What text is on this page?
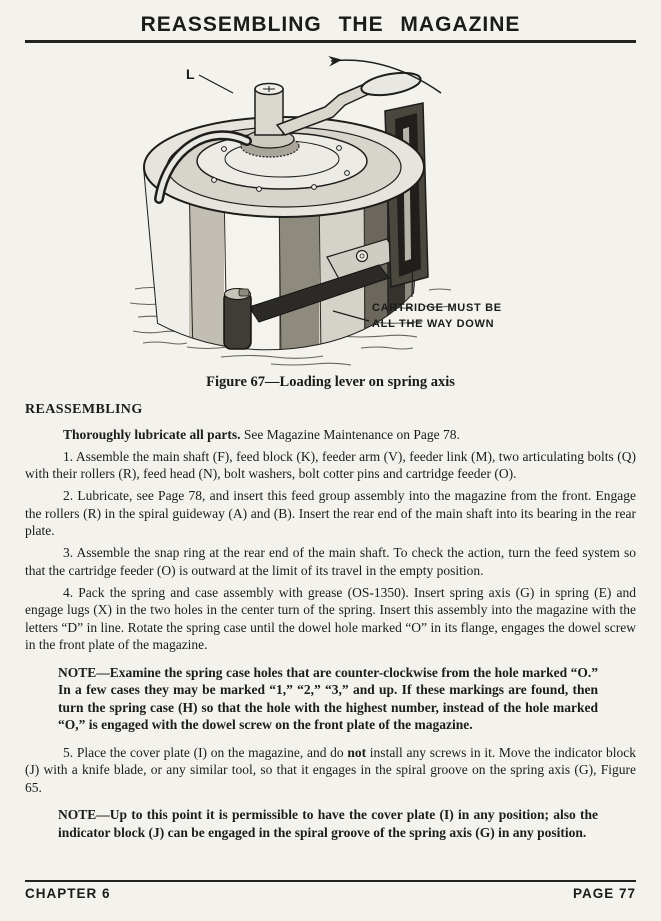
REASSEMBLING THE MAGAZINE
L
CARTRIDGE MUST BE
ALL THE WAY DOWN
Figure 67—Loading lever on spring axis
REASSEMBLING

Thoroughly lubricate all parts. See Magazine Maintenance on Page 78.

1. Assemble the main shaft (F), feed block (K), feeder arm (V), feeder link (M), two articulating bolts (Q) with their rollers (R), feed head (N), bolt washers, bolt cotter pins and cartridge feeder (O).

2. Lubricate, see Page 78, and insert this feed group assembly into the magazine from the front. Engage the rollers (R) in the spiral guideway (A) and (B). Insert the rear end of the main shaft into its bearing in the rear plate.

3. Assemble the snap ring at the rear end of the main shaft. To check the action, turn the feed system so that the cartridge feeder (O) is outward at the limit of its travel in the empty position.

4. Pack the spring and case assembly with grease (OS-1350). Insert spring axis (G) in spring (E) and engage lugs (X) in the two holes in the center turn of the spring. Insert this assembly into the magazine with the letters “D” in line. Rotate the spring case until the dowel hole marked “O” in its flange, engages the dowel screw in the front plate of the magazine.

NOTE—Examine the spring case holes that are counter-clockwise from the hole marked “O.” In a few cases they may be marked “1,” “2,” “3,” and up. If these markings are found, then turn the spring case (H) so that the hole with the highest number, instead of the hole marked “O,” is engaged with the dowel screw on the front plate of the magazine.

5. Place the cover plate (I) on the magazine, and do not install any screws in it. Move the indicator block (J) with a knife blade, or any similar tool, so that it engages in the spiral groove on the spring axis (G), Figure 65.

NOTE—Up to this point it is permissible to have the cover plate (I) in any position; also the indicator block (J) can be engaged in the spiral groove of the spring axis (G) in any position.

CHAPTER 6	PAGE 77
